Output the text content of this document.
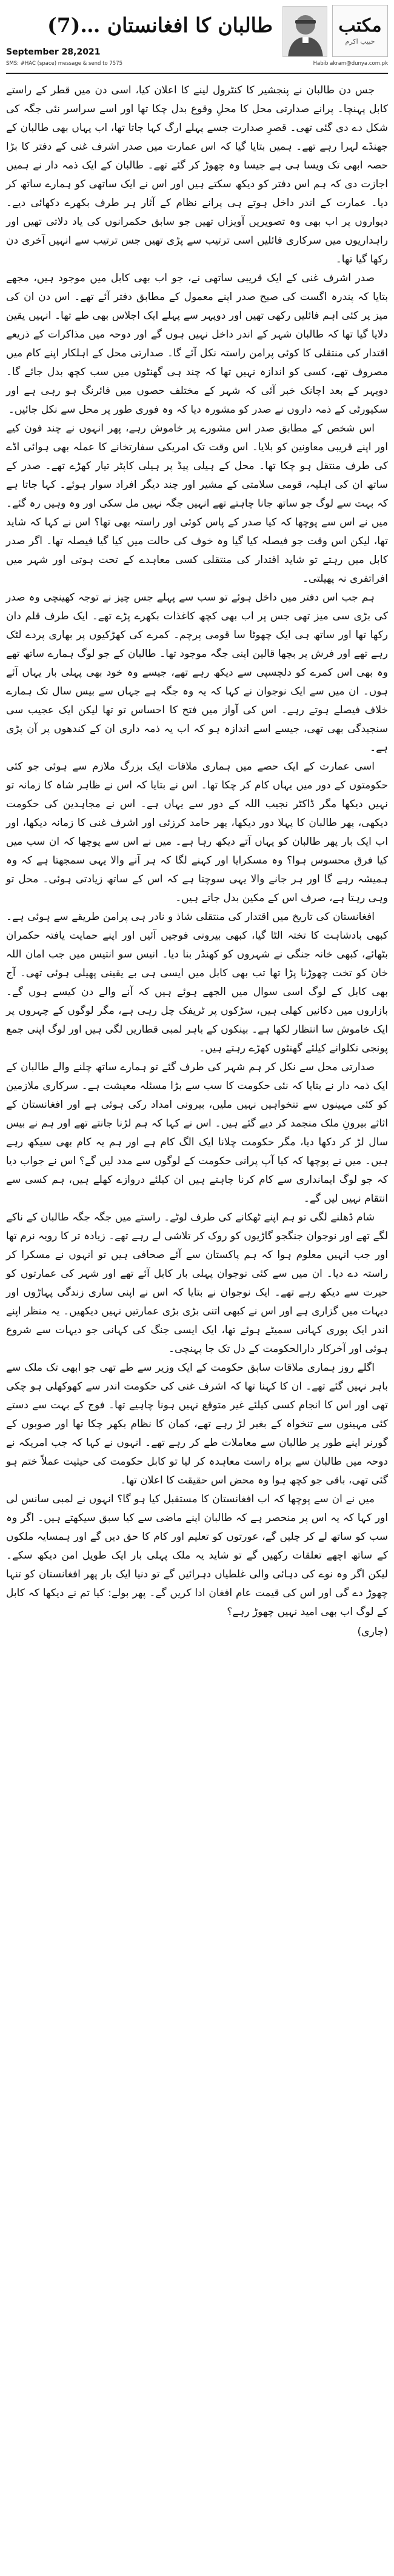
مکتب
حبیب اکرم
طالبان کا افغانستان …(7)
September 28,2021
SMS: #HAC (space) message & send to 7575	Habib akram@dunya.com.pk

جس دن طالبان نے پنجشیر کا کنٹرول لینے کا اعلان کیا، اسی دن میں قطر کے راستے کابل پہنچا۔ پرانے صدارتی محل کا محلِ وقوع بدل چکا تھا اور اسے سراسر نئی جگہ کی شکل دے دی گئی تھی۔ قصرِ صدارت جسے پہلے ارگ کہا جاتا تھا، اب یہاں بھی طالبان کے جھنڈے لہرا رہے تھے۔ ہمیں بتایا گیا کہ اس عمارت میں صدر اشرف غنی کے دفتر کا بڑا حصہ ابھی تک ویسا ہی ہے جیسا وہ چھوڑ کر گئے تھے۔ طالبان کے ایک ذمہ دار نے ہمیں اجازت دی کہ ہم اس دفتر کو دیکھ سکتے ہیں اور اس نے ایک ساتھی کو ہمارے ساتھ کر دیا۔ عمارت کے اندر داخل ہوتے ہی پرانے نظام کے آثار ہر طرف بکھرے دکھائی دیے۔ دیواروں پر اب بھی وہ تصویریں آویزاں تھیں جو سابق حکمرانوں کی یاد دلاتی تھیں اور راہداریوں میں سرکاری فائلیں اسی ترتیب سے پڑی تھیں جس ترتیب سے انہیں آخری دن رکھا گیا تھا۔

صدر اشرف غنی کے ایک قریبی ساتھی نے، جو اب بھی کابل میں موجود ہیں، مجھے بتایا کہ پندرہ اگست کی صبح صدر اپنے معمول کے مطابق دفتر آئے تھے۔ اس دن ان کی میز پر کئی اہم فائلیں رکھی تھیں اور دوپہر سے پہلے ایک اجلاس بھی طے تھا۔ انہیں یقین دلایا گیا تھا کہ طالبان شہر کے اندر داخل نہیں ہوں گے اور دوحہ میں مذاکرات کے ذریعے اقتدار کی منتقلی کا کوئی پرامن راستہ نکل آئے گا۔ صدارتی محل کے اہلکار اپنے کام میں مصروف تھے، کسی کو اندازہ نہیں تھا کہ چند ہی گھنٹوں میں سب کچھ بدل جائے گا۔ دوپہر کے بعد اچانک خبر آئی کہ شہر کے مختلف حصوں میں فائرنگ ہو رہی ہے اور سکیورٹی کے ذمہ داروں نے صدر کو مشورہ دیا کہ وہ فوری طور پر محل سے نکل جائیں۔

اس شخص کے مطابق صدر اس مشورے پر خاموش رہے، پھر انہوں نے چند فون کیے اور اپنے قریبی معاونین کو بلایا۔ اس وقت تک امریکی سفارتخانے کا عملہ بھی ہوائی اڈے کی طرف منتقل ہو چکا تھا۔ محل کے ہیلی پیڈ پر ہیلی کاپٹر تیار کھڑے تھے۔ صدر کے ساتھ ان کی اہلیہ، قومی سلامتی کے مشیر اور چند دیگر افراد سوار ہوئے۔ کہا جاتا ہے کہ بہت سے لوگ جو ساتھ جانا چاہتے تھے انہیں جگہ نہیں مل سکی اور وہ وہیں رہ گئے۔ میں نے اس سے پوچھا کہ کیا صدر کے پاس کوئی اور راستہ بھی تھا؟ اس نے کہا کہ شاید تھا، لیکن اس وقت جو فیصلہ کیا گیا وہ خوف کی حالت میں کیا گیا فیصلہ تھا۔ اگر صدر کابل میں رہتے تو شاید اقتدار کی منتقلی کسی معاہدے کے تحت ہوتی اور شہر میں افراتفری نہ پھیلتی۔

ہم جب اس دفتر میں داخل ہوئے تو سب سے پہلے جس چیز نے توجہ کھینچی وہ صدر کی بڑی سی میز تھی جس پر اب بھی کچھ کاغذات بکھرے پڑے تھے۔ ایک طرف قلم دان رکھا تھا اور ساتھ ہی ایک چھوٹا سا قومی پرچم۔ کمرے کی کھڑکیوں پر بھاری پردے لٹک رہے تھے اور فرش پر بچھا قالین اپنی جگہ موجود تھا۔ طالبان کے جو لوگ ہمارے ساتھ تھے وہ بھی اس کمرے کو دلچسپی سے دیکھ رہے تھے، جیسے وہ خود بھی پہلی بار یہاں آئے ہوں۔ ان میں سے ایک نوجوان نے کہا کہ یہ وہ جگہ ہے جہاں سے بیس سال تک ہمارے خلاف فیصلے ہوتے رہے۔ اس کی آواز میں فتح کا احساس تو تھا لیکن ایک عجیب سی سنجیدگی بھی تھی، جیسے اسے اندازہ ہو کہ اب یہ ذمہ داری ان کے کندھوں پر آن پڑی ہے۔

اسی عمارت کے ایک حصے میں ہماری ملاقات ایک بزرگ ملازم سے ہوئی جو کئی حکومتوں کے دور میں یہاں کام کر چکا تھا۔ اس نے بتایا کہ اس نے ظاہر شاہ کا زمانہ تو نہیں دیکھا مگر ڈاکٹر نجیب اللہ کے دور سے یہاں ہے۔ اس نے مجاہدین کی حکومت دیکھی، پھر طالبان کا پہلا دور دیکھا، پھر حامد کرزئی اور اشرف غنی کا زمانہ دیکھا، اور اب ایک بار پھر طالبان کو یہاں آتے دیکھ رہا ہے۔ میں نے اس سے پوچھا کہ ان سب میں کیا فرق محسوس ہوا؟ وہ مسکرایا اور کہنے لگا کہ ہر آنے والا یہی سمجھتا ہے کہ وہ ہمیشہ رہے گا اور ہر جانے والا یہی سوچتا ہے کہ اس کے ساتھ زیادتی ہوئی۔ محل تو وہی رہتا ہے، صرف اس کے مکین بدل جاتے ہیں۔

افغانستان کی تاریخ میں اقتدار کی منتقلی شاذ و نادر ہی پرامن طریقے سے ہوئی ہے۔ کبھی بادشاہت کا تختہ الٹا گیا، کبھی بیرونی فوجیں آئیں اور اپنے حمایت یافتہ حکمران بٹھائے، کبھی خانہ جنگی نے شہروں کو کھنڈر بنا دیا۔ انیس سو انتیس میں جب امان اللہ خان کو تخت چھوڑنا پڑا تھا تب بھی کابل میں ایسی ہی بے یقینی پھیلی ہوئی تھی۔ آج بھی کابل کے لوگ اسی سوال میں الجھے ہوئے ہیں کہ آنے والے دن کیسے ہوں گے۔ بازاروں میں دکانیں کھلی ہیں، سڑکوں پر ٹریفک چل رہی ہے، مگر لوگوں کے چہروں پر ایک خاموش سا انتظار لکھا ہے۔ بینکوں کے باہر لمبی قطاریں لگی ہیں اور لوگ اپنی جمع پونجی نکلوانے کیلئے گھنٹوں کھڑے رہتے ہیں۔

صدارتی محل سے نکل کر ہم شہر کی طرف گئے تو ہمارے ساتھ چلنے والے طالبان کے ایک ذمہ دار نے بتایا کہ نئی حکومت کا سب سے بڑا مسئلہ معیشت ہے۔ سرکاری ملازمین کو کئی مہینوں سے تنخواہیں نہیں ملیں، بیرونی امداد رکی ہوئی ہے اور افغانستان کے اثاثے بیرونِ ملک منجمد کر دیے گئے ہیں۔ اس نے کہا کہ ہم لڑنا جانتے تھے اور ہم نے بیس سال لڑ کر دکھا دیا، مگر حکومت چلانا ایک الگ کام ہے اور ہم یہ کام بھی سیکھ رہے ہیں۔ میں نے پوچھا کہ کیا آپ پرانی حکومت کے لوگوں سے مدد لیں گے؟ اس نے جواب دیا کہ جو لوگ ایمانداری سے کام کرنا چاہتے ہیں ان کیلئے دروازے کھلے ہیں، ہم کسی سے انتقام نہیں لیں گے۔

شام ڈھلنے لگی تو ہم اپنے ٹھکانے کی طرف لوٹے۔ راستے میں جگہ جگہ طالبان کے ناکے لگے تھے اور نوجوان جنگجو گاڑیوں کو روک کر تلاشی لے رہے تھے۔ زیادہ تر کا رویہ نرم تھا اور جب انہیں معلوم ہوا کہ ہم پاکستان سے آئے صحافی ہیں تو انہوں نے مسکرا کر راستہ دے دیا۔ ان میں سے کئی نوجوان پہلی بار کابل آئے تھے اور شہر کی عمارتوں کو حیرت سے دیکھ رہے تھے۔ ایک نوجوان نے بتایا کہ اس نے اپنی ساری زندگی پہاڑوں اور دیہات میں گزاری ہے اور اس نے کبھی اتنی بڑی بڑی عمارتیں نہیں دیکھیں۔ یہ منظر اپنے اندر ایک پوری کہانی سمیٹے ہوئے تھا، ایک ایسی جنگ کی کہانی جو دیہات سے شروع ہوئی اور آخرکار دارالحکومت کے دل تک جا پہنچی۔

اگلے روز ہماری ملاقات سابق حکومت کے ایک وزیر سے طے تھی جو ابھی تک ملک سے باہر نہیں گئے تھے۔ ان کا کہنا تھا کہ اشرف غنی کی حکومت اندر سے کھوکھلی ہو چکی تھی اور اس کا انجام کسی کیلئے غیر متوقع نہیں ہونا چاہیے تھا۔ فوج کے بہت سے دستے کئی مہینوں سے تنخواہ کے بغیر لڑ رہے تھے، کمان کا نظام بکھر چکا تھا اور صوبوں کے گورنر اپنے طور پر طالبان سے معاملات طے کر رہے تھے۔ انہوں نے کہا کہ جب امریکہ نے دوحہ میں طالبان سے براہ راست معاہدہ کر لیا تو کابل حکومت کی حیثیت عملاً ختم ہو گئی تھی، باقی جو کچھ ہوا وہ محض اس حقیقت کا اعلان تھا۔

میں نے ان سے پوچھا کہ اب افغانستان کا مستقبل کیا ہو گا؟ انہوں نے لمبی سانس لی اور کہا کہ یہ اس پر منحصر ہے کہ طالبان اپنے ماضی سے کیا سبق سیکھتے ہیں۔ اگر وہ سب کو ساتھ لے کر چلیں گے، عورتوں کو تعلیم اور کام کا حق دیں گے اور ہمسایہ ملکوں کے ساتھ اچھے تعلقات رکھیں گے تو شاید یہ ملک پہلی بار ایک طویل امن دیکھ سکے۔ لیکن اگر وہ نوے کی دہائی والی غلطیاں دہرائیں گے تو دنیا ایک بار پھر افغانستان کو تنہا چھوڑ دے گی اور اس کی قیمت عام افغان ادا کریں گے۔ پھر بولے: کیا تم نے دیکھا کہ کابل کے لوگ اب بھی امید نہیں چھوڑ رہے؟

(جاری)
